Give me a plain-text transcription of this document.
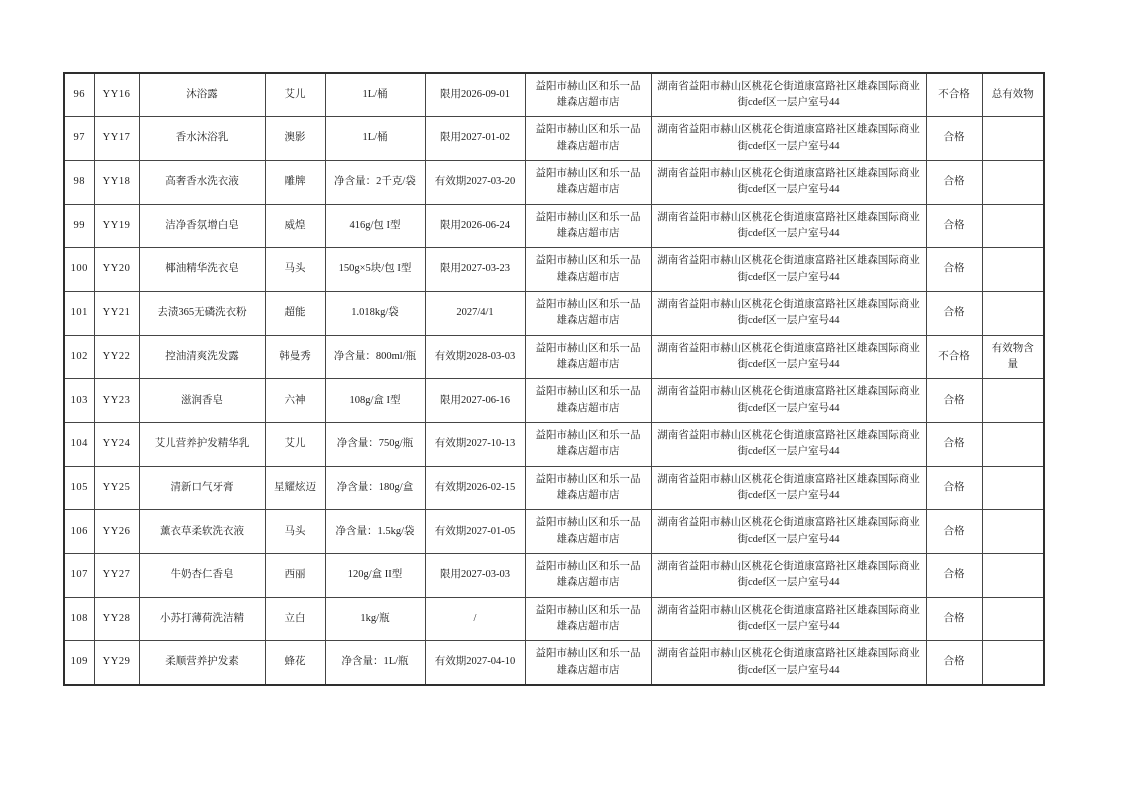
96	YY16	沐浴露	艾儿	1L/桶	限用2026-09-01	益阳市赫山区和乐一品雄森店超市店	湖南省益阳市赫山区桃花仑街道康富路社区雄森国际商业街cdef区一层户室号44	不合格	总有效物
97	YY17	香水沐浴乳	澳影	1L/桶	限用2027-01-02	益阳市赫山区和乐一品雄森店超市店	湖南省益阳市赫山区桃花仑街道康富路社区雄森国际商业街cdef区一层户室号44	合格	
98	YY18	高奢香水洗衣液	雕牌	净含量：2千克/袋	有效期2027-03-20	益阳市赫山区和乐一品雄森店超市店	湖南省益阳市赫山区桃花仑街道康富路社区雄森国际商业街cdef区一层户室号44	合格	
99	YY19	洁净香氛增白皂	威煌	416g/包 I型	限用2026-06-24	益阳市赫山区和乐一品雄森店超市店	湖南省益阳市赫山区桃花仑街道康富路社区雄森国际商业街cdef区一层户室号44	合格	
100	YY20	椰油精华洗衣皂	马头	150g×5块/包 I型	限用2027-03-23	益阳市赫山区和乐一品雄森店超市店	湖南省益阳市赫山区桃花仑街道康富路社区雄森国际商业街cdef区一层户室号44	合格	
101	YY21	去渍365无磷洗衣粉	超能	1.018kg/袋	2027/4/1	益阳市赫山区和乐一品雄森店超市店	湖南省益阳市赫山区桃花仑街道康富路社区雄森国际商业街cdef区一层户室号44	合格	
102	YY22	控油清爽洗发露	韩曼秀	净含量：800ml/瓶	有效期2028-03-03	益阳市赫山区和乐一品雄森店超市店	湖南省益阳市赫山区桃花仑街道康富路社区雄森国际商业街cdef区一层户室号44	不合格	有效物含量
103	YY23	滋润香皂	六神	108g/盒 I型	限用2027-06-16	益阳市赫山区和乐一品雄森店超市店	湖南省益阳市赫山区桃花仑街道康富路社区雄森国际商业街cdef区一层户室号44	合格	
104	YY24	艾儿营养护发精华乳	艾儿	净含量：750g/瓶	有效期2027-10-13	益阳市赫山区和乐一品雄森店超市店	湖南省益阳市赫山区桃花仑街道康富路社区雄森国际商业街cdef区一层户室号44	合格	
105	YY25	清新口气牙膏	星耀炫迈	净含量：180g/盒	有效期2026-02-15	益阳市赫山区和乐一品雄森店超市店	湖南省益阳市赫山区桃花仑街道康富路社区雄森国际商业街cdef区一层户室号44	合格	
106	YY26	薰衣草柔软洗衣液	马头	净含量：1.5kg/袋	有效期2027-01-05	益阳市赫山区和乐一品雄森店超市店	湖南省益阳市赫山区桃花仑街道康富路社区雄森国际商业街cdef区一层户室号44	合格	
107	YY27	牛奶杏仁香皂	西丽	120g/盒 II型	限用2027-03-03	益阳市赫山区和乐一品雄森店超市店	湖南省益阳市赫山区桃花仑街道康富路社区雄森国际商业街cdef区一层户室号44	合格	
108	YY28	小苏打薄荷洗洁精	立白	1kg/瓶	/	益阳市赫山区和乐一品雄森店超市店	湖南省益阳市赫山区桃花仑街道康富路社区雄森国际商业街cdef区一层户室号44	合格	
109	YY29	柔顺营养护发素	蜂花	净含量：1L/瓶	有效期2027-04-10	益阳市赫山区和乐一品雄森店超市店	湖南省益阳市赫山区桃花仑街道康富路社区雄森国际商业街cdef区一层户室号44	合格	
